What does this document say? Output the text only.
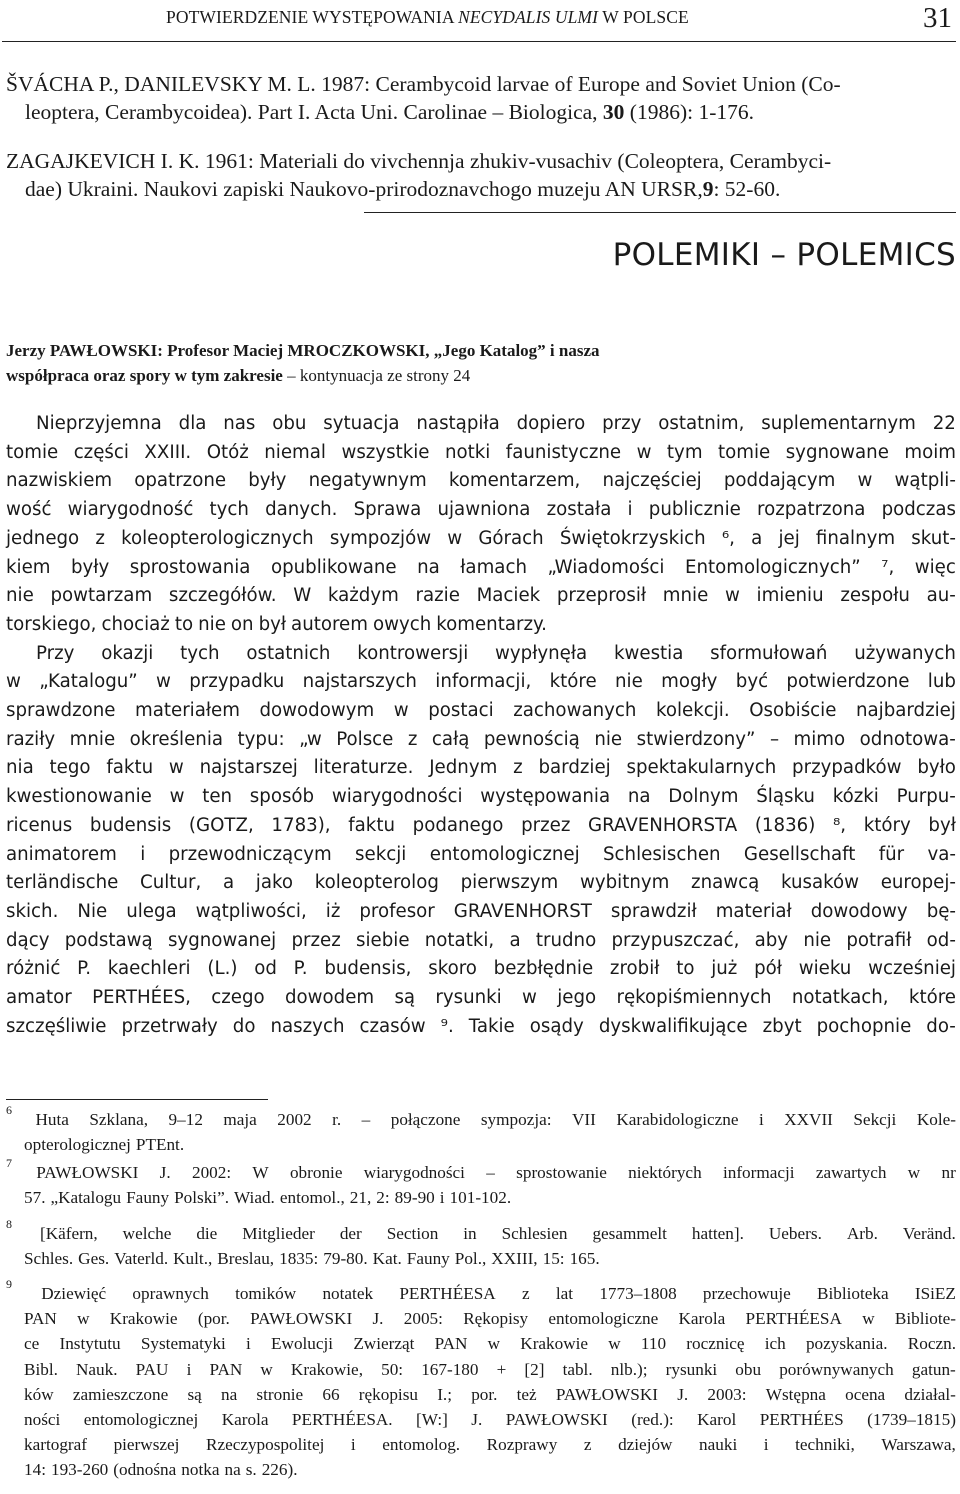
POTWIERDZENIE WYSTĘPOWANIA NECYDALIS ULMI W POLSCE	31
ŠVÁCHA P., DANILEVSKY M. L. 1987: Cerambycoid larvae of Europe and Soviet Union (Co-
leoptera, Cerambycoidea). Part I. Acta Uni. Carolinae – Biologica, 30 (1986): 1-176.
ZAGAJKEVICH I. K. 1961: Materiali do vivchennja zhukiv-vusachiv (Coleoptera, Cerambyci-
dae) Ukraini. Naukovi zapiski Naukovo-prirodoznavchogo muzeju AN URSR,9: 52-60.
POLEMIKI – POLEMICS
Jerzy PAWŁOWSKI: Profesor Maciej MROCZKOWSKI, „Jego Katalog” i nasza
współpraca oraz spory w tym zakresie – kontynuacja ze strony 24
Nieprzyjemna dla nas obu sytuacja nastąpiła dopiero przy ostatnim, suplementarnym 22
tomie części XXIII. Otóż niemal wszystkie notki faunistyczne w tym tomie sygnowane moim
nazwiskiem opatrzone były negatywnym komentarzem, najczęściej poddającym w wątpli-
wość wiarygodność tych danych. Sprawa ujawniona została i publicznie rozpatrzona podczas
jednego z koleopterologicznych sympozjów w Górach Świętokrzyskich ⁶, a jej finalnym skut-
kiem były sprostowania opublikowane na łamach „Wiadomości Entomologicznych” ⁷, więc
nie powtarzam szczegółów. W każdym razie Maciek przeprosił mnie w imieniu zespołu au-
torskiego, chociaż to nie on był autorem owych komentarzy.
Przy okazji tych ostatnich kontrowersji wypłynęła kwestia sformułowań używanych
w „Katalogu” w przypadku najstarszych informacji, które nie mogły być potwierdzone lub
sprawdzone materiałem dowodowym w postaci zachowanych kolekcji. Osobiście najbardziej
raziły mnie określenia typu: „w Polsce z całą pewnością nie stwierdzony” – mimo odnotowa-
nia tego faktu w najstarszej literaturze. Jednym z bardziej spektakularnych przypadków było
kwestionowanie w ten sposób wiarygodności występowania na Dolnym Śląsku kózki Purpu-
ricenus budensis (GOTZ, 1783), faktu podanego przez GRAVENHORSTA (1836) ⁸, który był
animatorem i przewodniczącym sekcji entomologicznej Schlesischen Gesellschaft für va-
terländische Cultur, a jako koleopterolog pierwszym wybitnym znawcą kusaków europej-
skich. Nie ulega wątpliwości, iż profesor GRAVENHORST sprawdził materiał dowodowy bę-
dący podstawą sygnowanej przez siebie notatki, a trudno przypuszczać, aby nie potrafił od-
różnić P. kaechleri (L.) od P. budensis, skoro bezbłędnie zrobił to już pół wieku wcześniej
amator PERTHÉES, czego dowodem są rysunki w jego rękopiśmiennych notatkach, które
szczęśliwie przetrwały do naszych czasów ⁹. Takie osądy dyskwalifikujące zbyt pochopnie do-
6 Huta Szklana, 9–12 maja 2002 r. – połączone sympozja: VII Karabidologiczne i XXVII Sekcji Kole-
opterologicznej PTEnt.
7 PAWŁOWSKI J. 2002: W obronie wiarygodności – sprostowanie niektórych informacji zawartych w nr
57. „Katalogu Fauny Polski”. Wiad. entomol., 21, 2: 89-90 i 101-102.
8 [Käfern, welche die Mitglieder der Section in Schlesien gesammelt hatten]. Uebers. Arb. Veränd.
Schles. Ges. Vaterld. Kult., Breslau, 1835: 79-80. Kat. Fauny Pol., XXIII, 15: 165.
9 Dziewięć oprawnych tomików notatek PERTHÉESA z lat 1773–1808 przechowuje Biblioteka ISiEZ
PAN w Krakowie (por. PAWŁOWSKI J. 2005: Rękopisy entomologiczne Karola PERTHÉESA w Bibliote-
ce Instytutu Systematyki i Ewolucji Zwierząt PAN w Krakowie w 110 rocznicę ich pozyskania. Roczn.
Bibl. Nauk. PAU i PAN w Krakowie, 50: 167-180 + [2] tabl. nlb.); rysunki obu porównywanych gatun-
ków zamieszczone są na stronie 66 rękopisu I.; por. też PAWŁOWSKI J. 2003: Wstępna ocena działal-
ności entomologicznej Karola PERTHÉESA. [W:] J. PAWŁOWSKI (red.): Karol PERTHÉES (1739–1815)
kartograf pierwszej Rzeczypospolitej i entomolog. Rozprawy z dziejów nauki i techniki, Warszawa,
14: 193-260 (odnośna notka na s. 226).
